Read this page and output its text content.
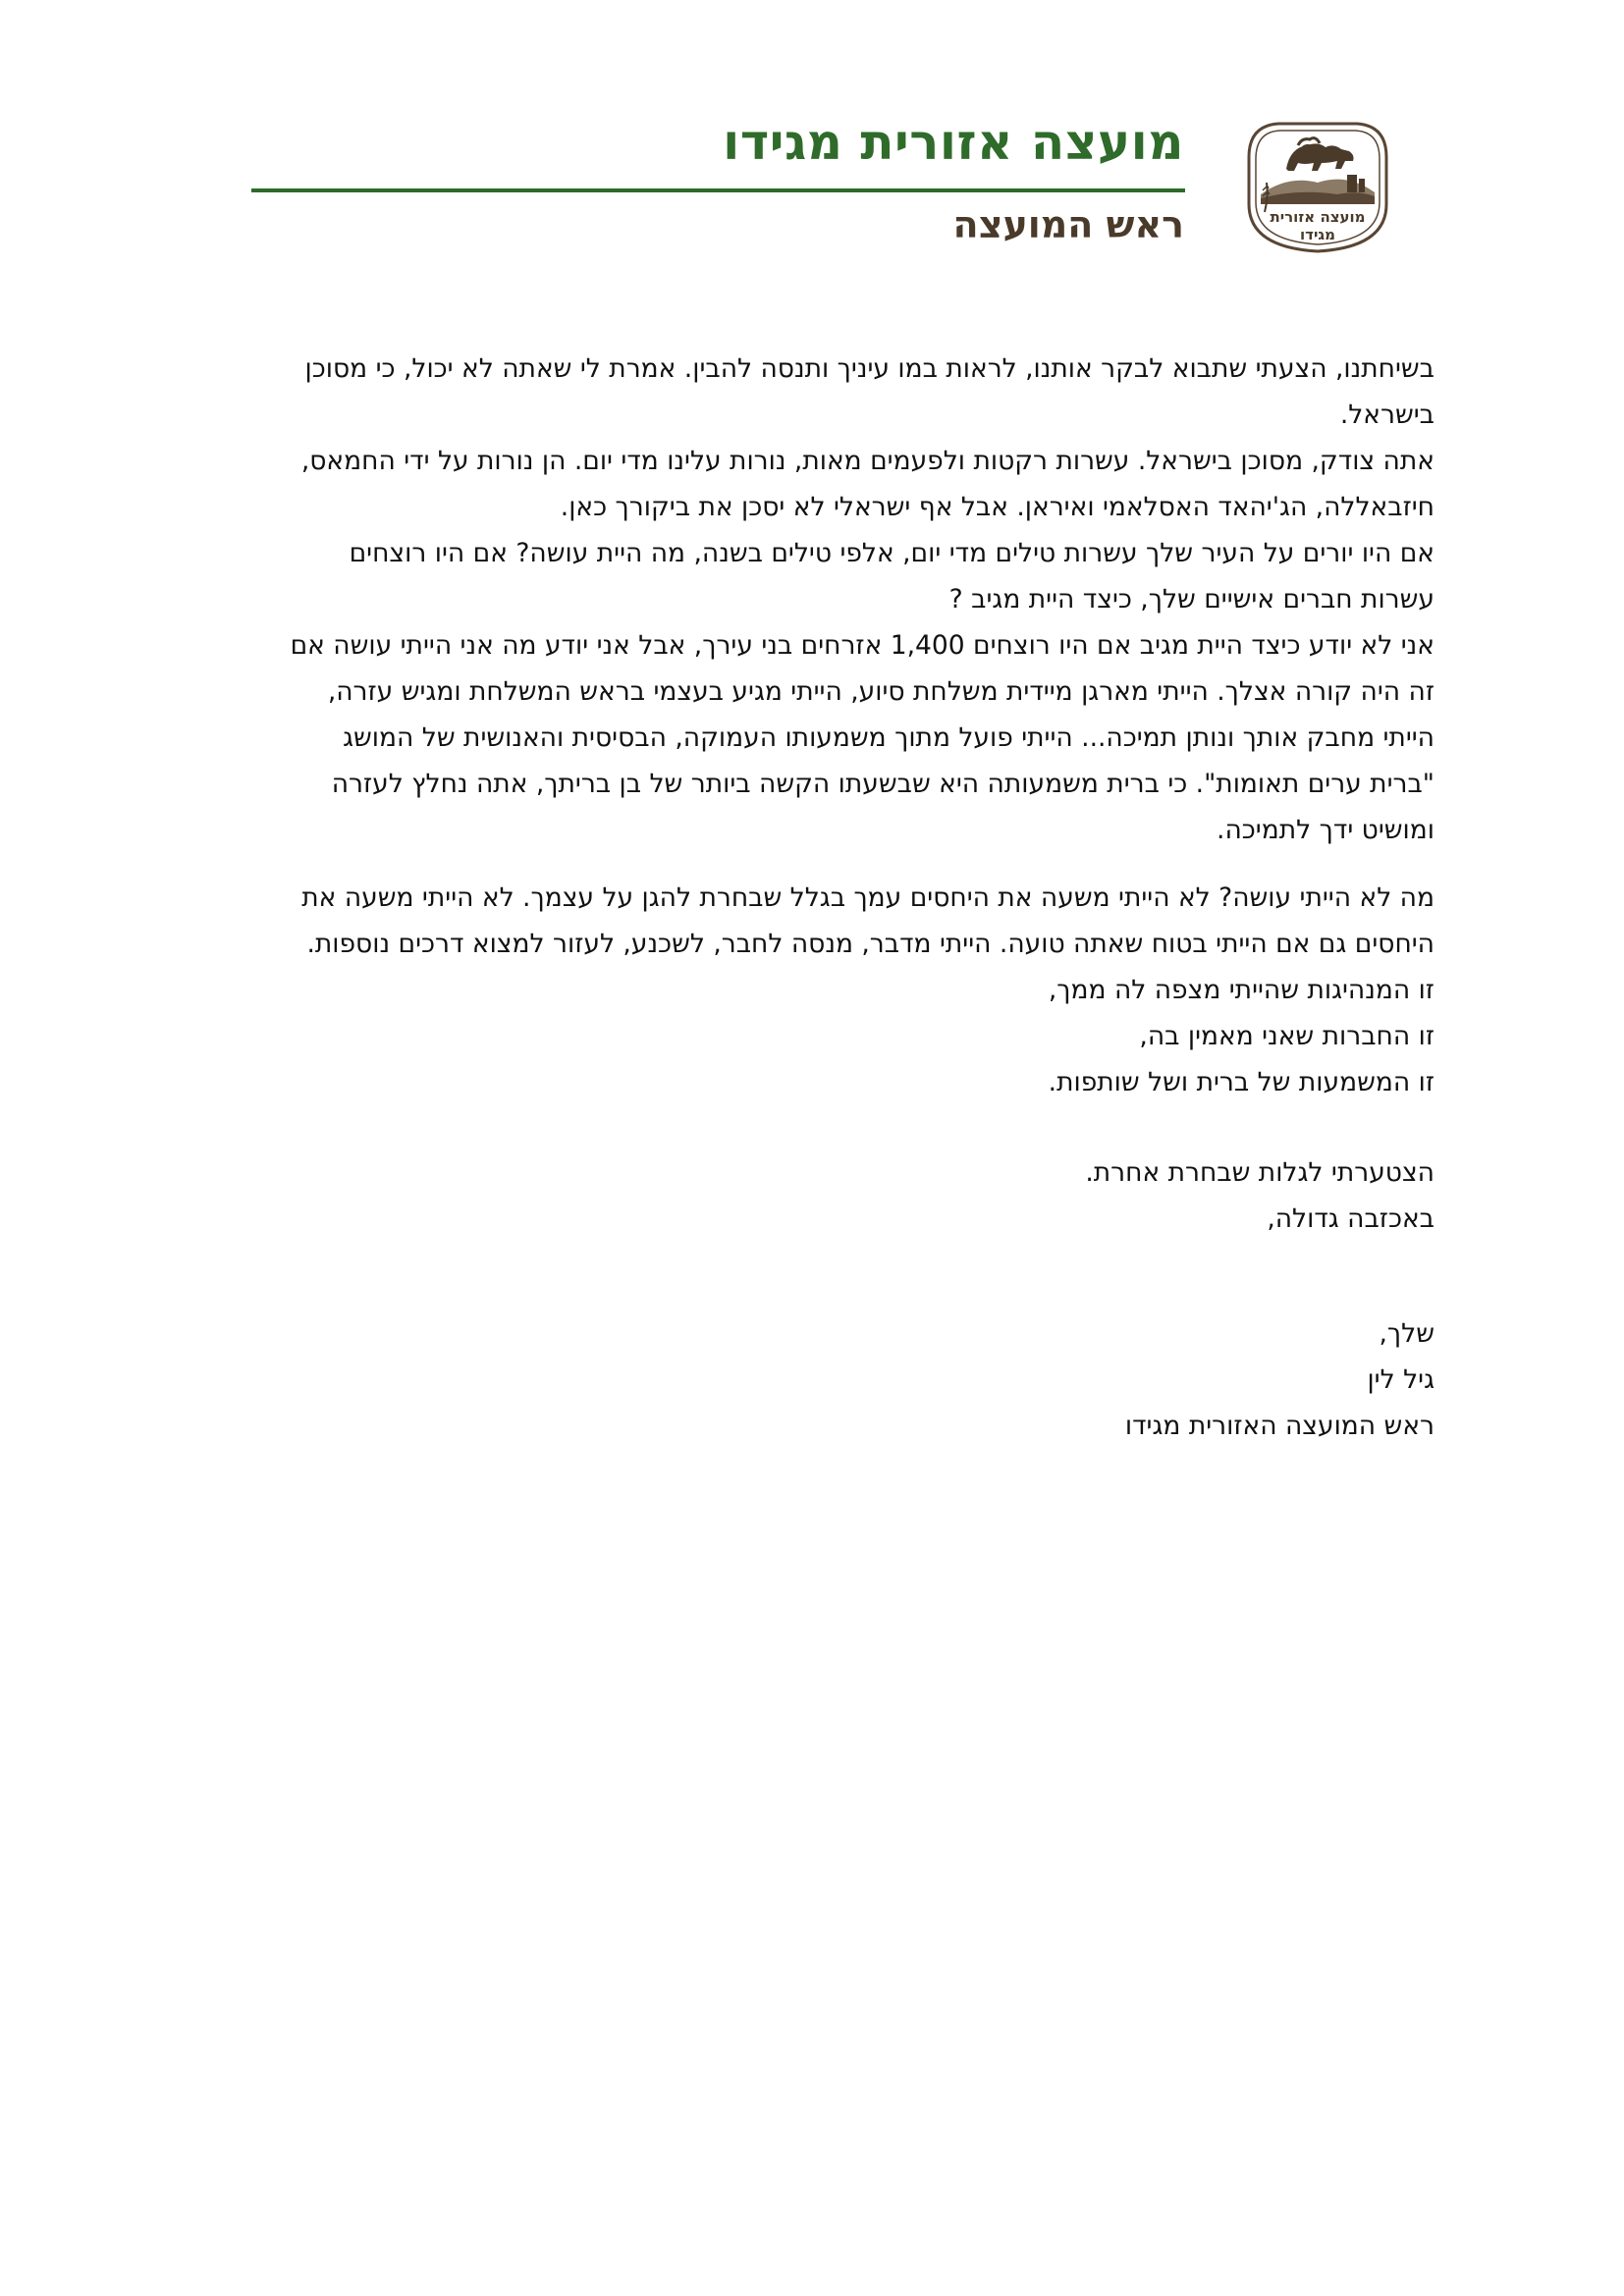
מועצה אזורית
מגידו
מועצה אזורית מגידו
ראש המועצה

בשיחתנו, הצעתי שתבוא לבקר אותנו, לראות במו עיניך ותנסה להבין. אמרת לי שאתה לא יכול, כי מסוכן

בישראל.

אתה צודק, מסוכן בישראל. עשרות רקטות ולפעמים מאות, נורות עלינו מדי יום. הן נורות על ידי החמאס,

חיזבאללה, הג'יהאד האסלאמי ואיראן. אבל אף ישראלי לא יסכן את ביקורך כאן.

אם היו יורים על העיר שלך עשרות טילים מדי יום, אלפי טילים בשנה, מה היית עושה? אם היו רוצחים

עשרות חברים אישיים שלך, כיצד היית מגיב ?

אני לא יודע כיצד היית מגיב אם היו רוצחים 1,400 אזרחים בני עירך, אבל אני יודע מה אני הייתי עושה אם

זה היה קורה אצלך. הייתי מארגן מיידית משלחת סיוע, הייתי מגיע בעצמי בראש המשלחת ומגיש עזרה,

הייתי מחבק אותך ונותן תמיכה... הייתי פועל מתוך משמעותו העמוקה, הבסיסית והאנושית של המושג

"ברית ערים תאומות". כי ברית משמעותה היא שבשעתו הקשה ביותר של בן בריתך, אתה נחלץ לעזרה

ומושיט ידך לתמיכה.

מה לא הייתי עושה? לא הייתי משעה את היחסים עמך בגלל שבחרת להגן על עצמך. לא הייתי משעה את

היחסים גם אם הייתי בטוח שאתה טועה. הייתי מדבר, מנסה לחבר, לשכנע, לעזור למצוא דרכים נוספות.

זו המנהיגות שהייתי מצפה לה ממך,

זו החברות שאני מאמין בה,

זו המשמעות של ברית ושל שותפות.

הצטערתי לגלות שבחרת אחרת.

באכזבה גדולה,

שלך,

גיל לין

ראש המועצה האזורית מגידו
